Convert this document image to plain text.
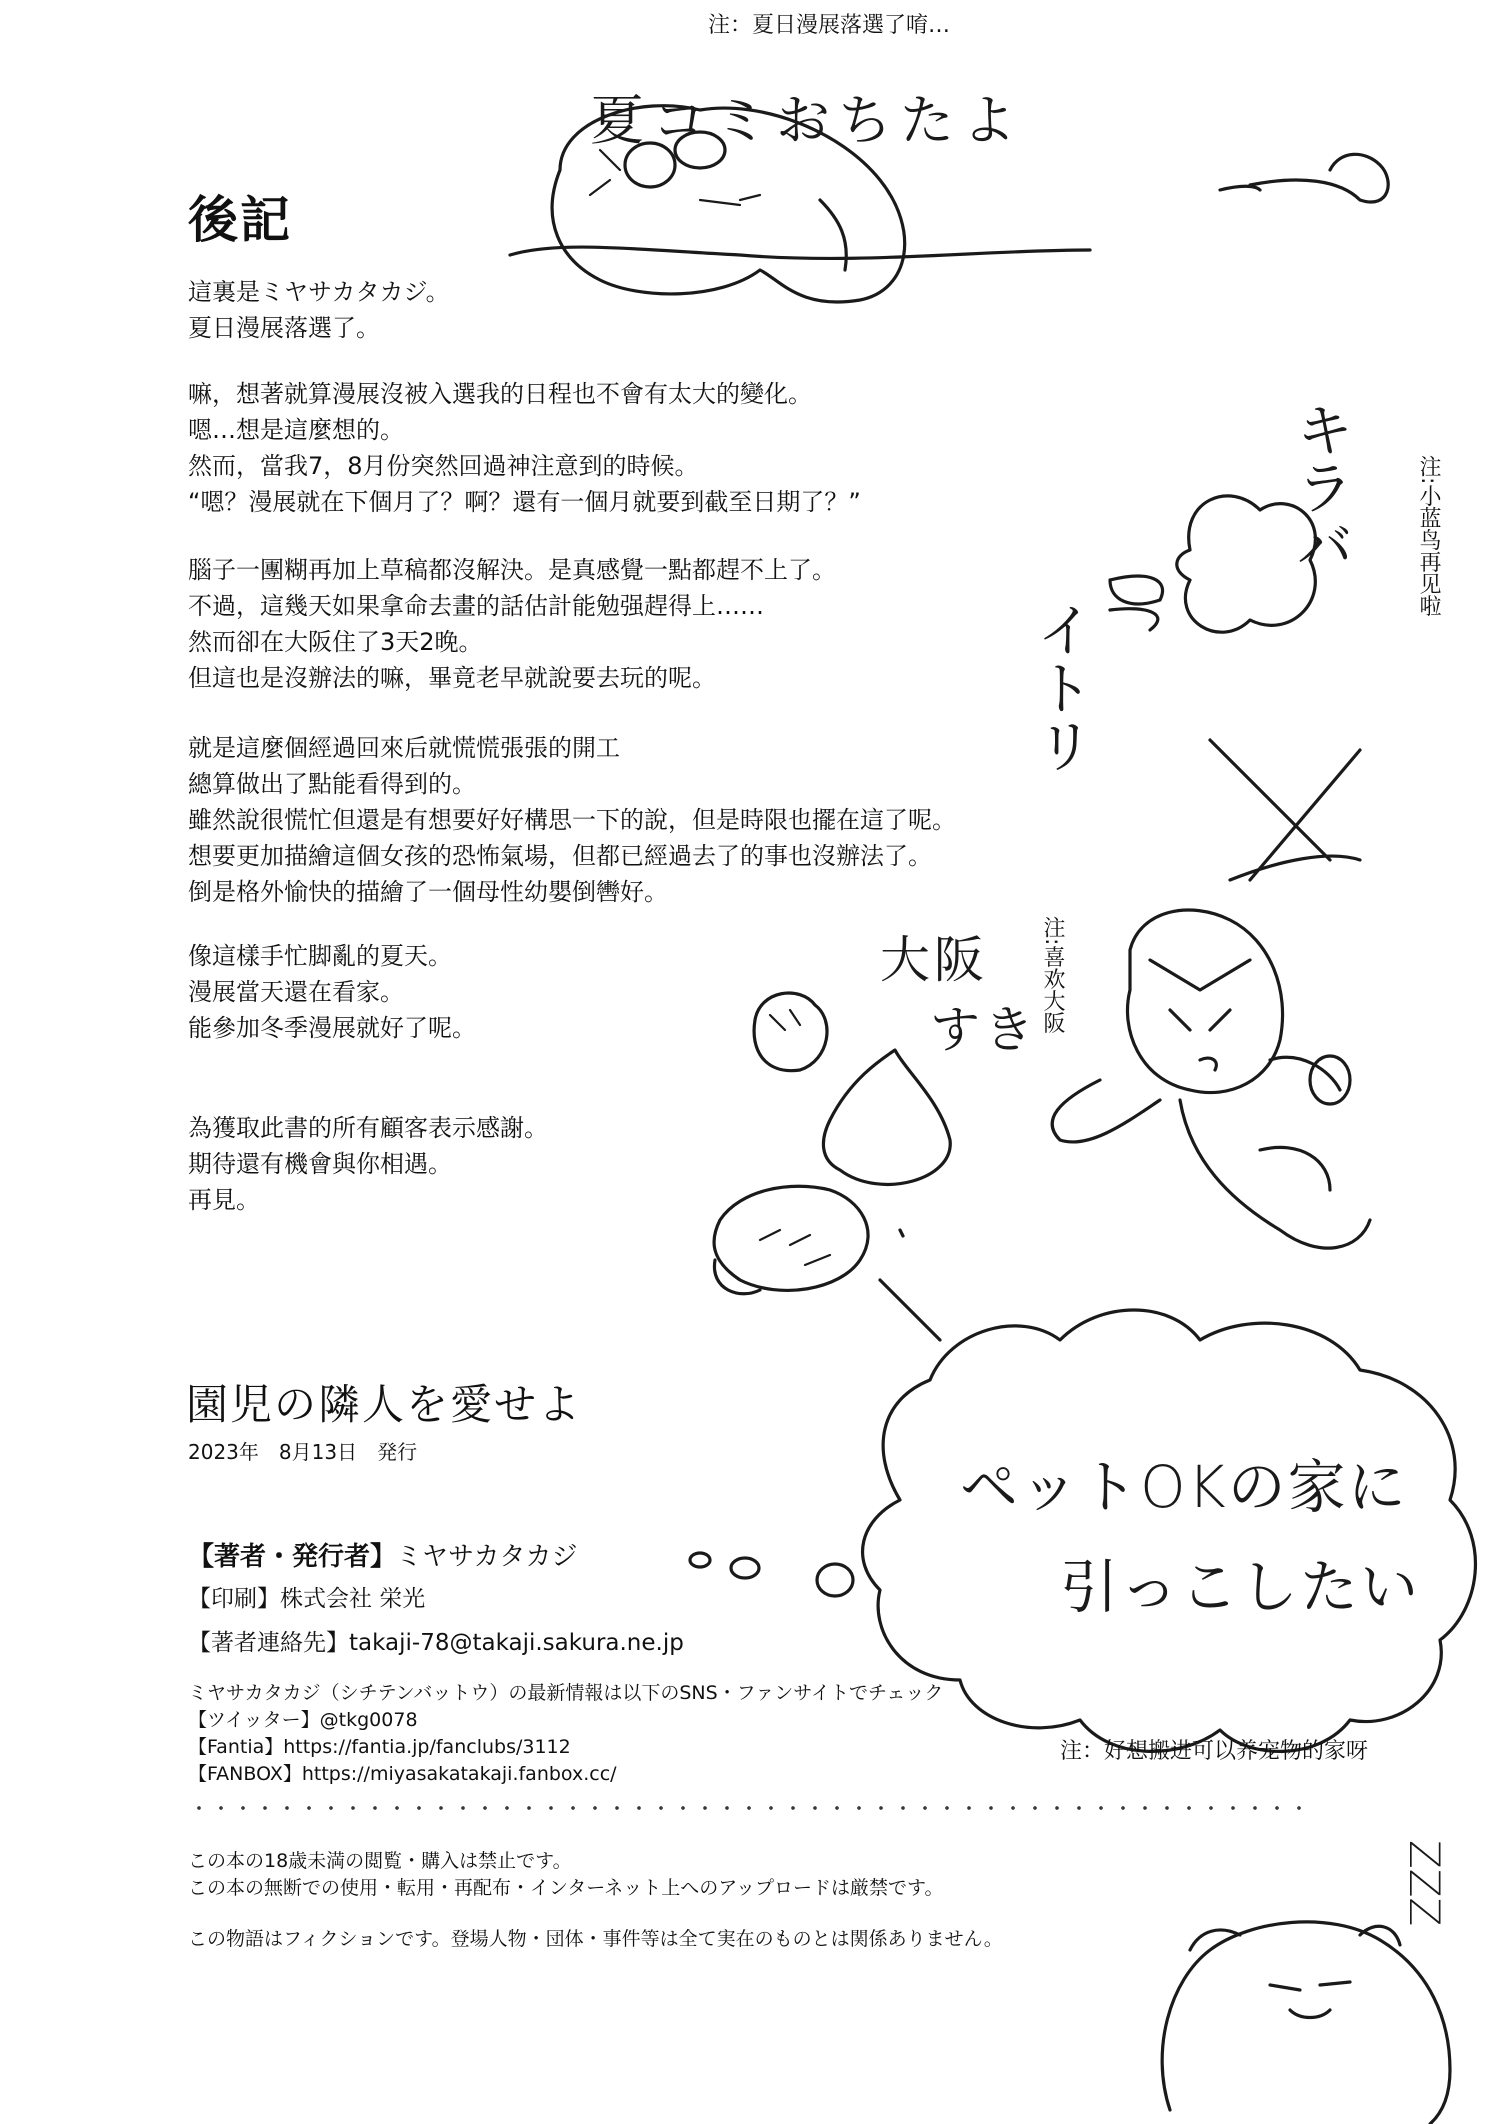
夏コミおちたよ
キラバ
イトリ
大阪
すき
ペットOKの家に
引っこしたい
ZZZ
注：夏日漫展落選了唷…
注:小蓝鸟再见啦
注:喜欢大阪
注：好想搬进可以养宠物的家呀
後記

這裏是ミヤサカタカジ。

夏日漫展落選了。

嘛，想著就算漫展沒被入選我的日程也不會有太大的變化。

嗯…想是這麼想的。

然而，當我7，8月份突然回過神注意到的時候。

“嗯？漫展就在下個月了？啊？還有一個月就要到截至日期了？”

腦子一團糊再加上草稿都沒解決。是真感覺一點都趕不上了。

不過，這幾天如果拿命去畫的話估計能勉强趕得上……

然而卻在大阪住了3天2晚。

但這也是沒辦法的嘛，畢竟老早就說要去玩的呢。

就是這麼個經過回來后就慌慌張張的開工

總算做出了點能看得到的。

雖然說很慌忙但還是有想要好好構思一下的說，但是時限也擺在這了呢。

想要更加描繪這個女孩的恐怖氣場，但都已經過去了的事也沒辦法了。

倒是格外愉快的描繪了一個母性幼嬰倒轡好。

像這樣手忙脚亂的夏天。

漫展當天還在看家。

能參加冬季漫展就好了呢。

為獲取此書的所有顧客表示感謝。

期待還有機會與你相遇。

再見。

園児の隣人を愛せよ
2023年　8月13日　発行
【著者・発行者】ミヤサカタカジ
【印刷】株式会社 栄光
【著者連絡先】takaji-78@takaji.sakura.ne.jp
ミヤサカタカジ（シチテンバットウ）の最新情報は以下のSNS・ファンサイトでチェック
【ツイッター】@tkg0078
【Fantia】https://fantia.jp/fanclubs/3112
【FANBOX】https://miyasakatakaji.fanbox.cc/
この本の18歳未満の閲覧・購入は禁止です。
この本の無断での使用・転用・再配布・インターネット上へのアップロードは厳禁です。
この物語はフィクションです。登場人物・団体・事件等は全て実在のものとは関係ありません。
